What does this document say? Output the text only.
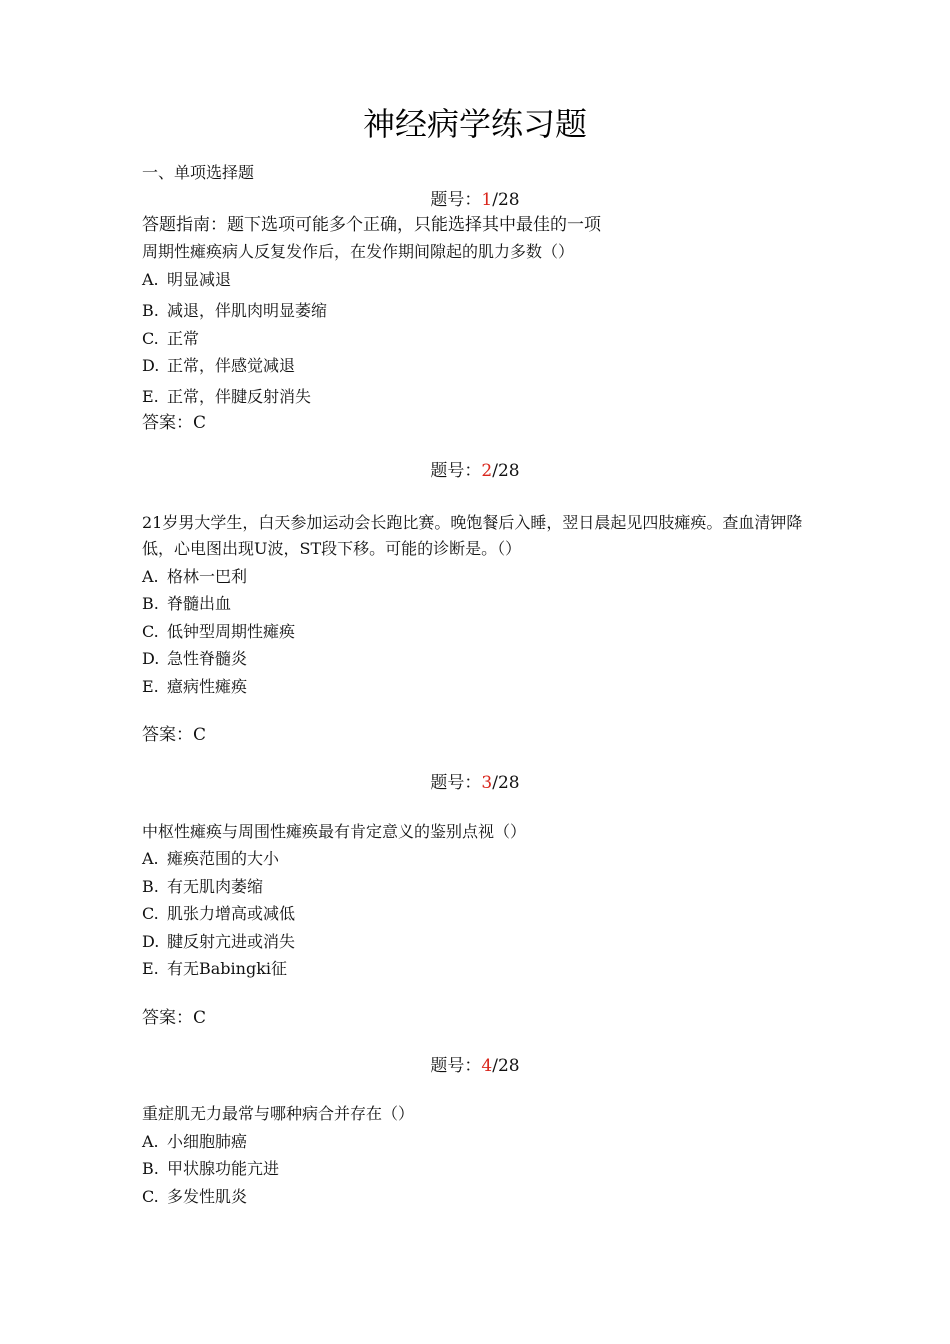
神经病学练习题
一、单项选择题
题号：1/28
答题指南：题下选项可能多个正确，只能选择其中最佳的一项
周期性瘫痪病人反复发作后，在发作期间隙起的肌力多数（）
A. 明显减退
B. 减退，伴肌肉明显萎缩
C. 正常
D. 正常，伴感觉减退
E. 正常，伴腱反射消失
答案：C
题号：2/28
21岁男大学生，白天参加运动会长跑比赛。晚饱餐后入睡，翌日晨起见四肢瘫痪。查血清钾降低，心电图出现U波，ST段下移。可能的诊断是。（）
A. 格林一巴利
B. 脊髓出血
C. 低钟型周期性瘫痪
D. 急性脊髓炎
E. 癔病性瘫痪
答案：C
题号：3/28
中枢性瘫痪与周围性瘫痪最有肯定意义的鉴别点视（）
A. 瘫痪范围的大小
B. 有无肌肉萎缩
C. 肌张力增高或减低
D. 腱反射亢进或消失
E. 有无Babingki征
答案：C
题号：4/28
重症肌无力最常与哪种病合并存在（）
A. 小细胞肺癌
B. 甲状腺功能亢进
C. 多发性肌炎
